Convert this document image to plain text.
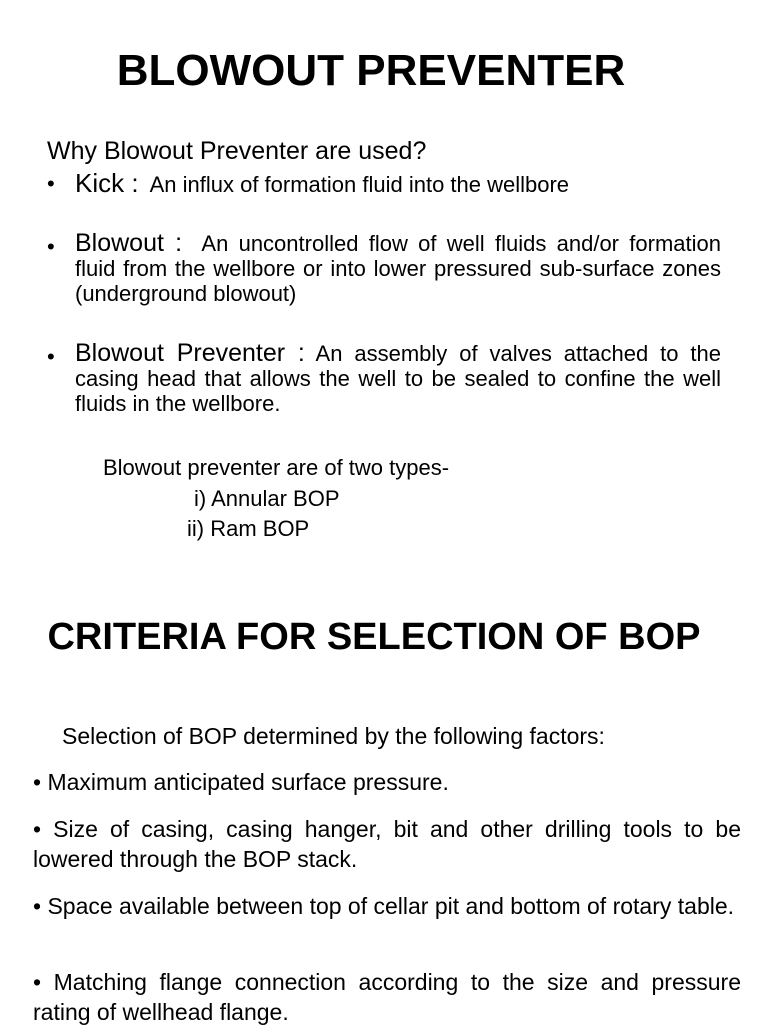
BLOWOUT PREVENTER
Why Blowout Preventer are used?
• Kick : An influx of formation fluid into the wellbore
• Blowout : An uncontrolled flow of well fluids and/or formation fluid from the wellbore or into lower pressured sub-surface zones (underground blowout)
• Blowout Preventer : An assembly of valves attached to the casing head that allows the well to be sealed to confine the well fluids in the wellbore.
Blowout preventer are of two types-
i) Annular BOP
ii) Ram BOP
CRITERIA FOR SELECTION OF BOP
Selection of BOP determined by the following factors:
• Maximum anticipated surface pressure.
• Size of casing, casing hanger, bit and other drilling tools to be lowered through the BOP stack.
• Space available between top of cellar pit and bottom of rotary table.
• Matching flange connection according to the size and pressure rating of wellhead flange.
